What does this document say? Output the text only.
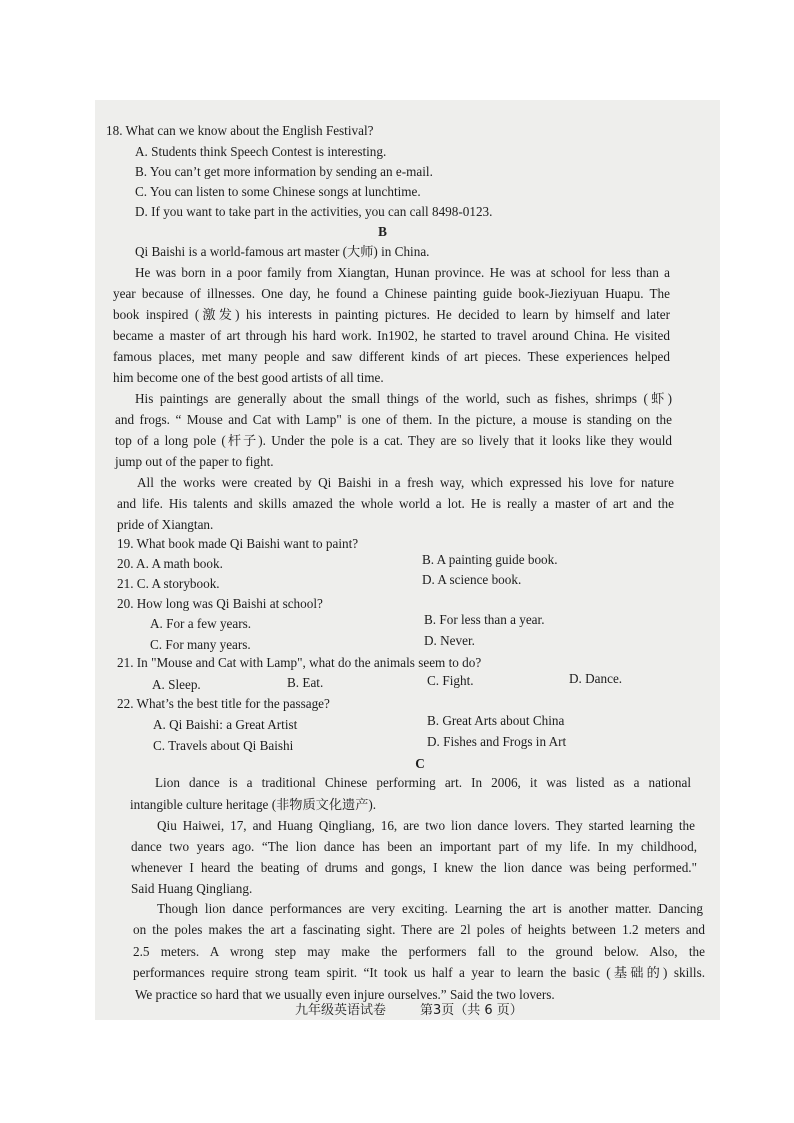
18. What can we know about the English Festival?
A. Students think Speech Contest is interesting.
B. You can’t get more information by sending an e-mail.
C. You can listen to some Chinese songs at lunchtime.
D. If you want to take part in the activities, you can call 8498-0123.
B
Qi Baishi is a world-famous art master (大师) in China.
He was born in a poor family from Xiangtan, Hunan province. He was at school for less than a
year because of illnesses. One day, he found a Chinese painting guide book-Jieziyuan Huapu. The
book inspired (激发) his interests in painting pictures. He decided to learn by himself and later
became a master of art through his hard work. In1902, he started to travel around China. He visited
famous places, met many people and saw different kinds of art pieces. These experiences helped
him become one of the best good artists of all time.
His paintings are generally about the small things of the world, such as fishes, shrimps (虾)
and frogs. “ Mouse and Cat with Lamp" is one of them. In the picture, a mouse is standing on the
top of a long pole (杆子). Under the pole is a cat. They are so lively that it looks like they would
jump out of the paper to fight.
All the works were created by Qi Baishi in a fresh way, which expressed his love for nature
and life. His talents and skills amazed the whole world a lot. He is really a master of art and the
pride of Xiangtan.
19. What book made Qi Baishi want to paint?
20. A. A math book.	B. A painting guide book.
21. C. A storybook.	D. A science book.
20. How long was Qi Baishi at school?
A. For a few years.	B. For less than a year.
C. For many years.	D. Never.
21. In "Mouse and Cat with Lamp", what do the animals seem to do?
A. Sleep.	B. Eat.	C. Fight.	D. Dance.
22. What’s the best title for the passage?
A. Qi Baishi: a Great Artist	B. Great Arts about China
C. Travels about Qi Baishi	D. Fishes and Frogs in Art
C
Lion dance is a traditional Chinese performing art. In 2006, it was listed as a national
intangible culture heritage (非物质文化遗产).
Qiu Haiwei, 17, and Huang Qingliang, 16, are two lion dance lovers. They started learning the
dance two years ago. “The lion dance has been an important part of my life. In my childhood,
whenever I heard the beating of drums and gongs, I knew the lion dance was being performed."
Said Huang Qingliang.
Though lion dance performances are very exciting. Learning the art is another matter. Dancing
on the poles makes the art a fascinating sight. There are 2l poles of heights between 1.2 meters and
2.5 meters. A wrong step may make the performers fall to the ground below. Also, the
performances require strong team spirit. “It took us half a year to learn the basic (基础的) skills.
We practice so hard that we usually even injure ourselves.” Said the two lovers.
九年级英语试卷	第3页（共 6 页）
